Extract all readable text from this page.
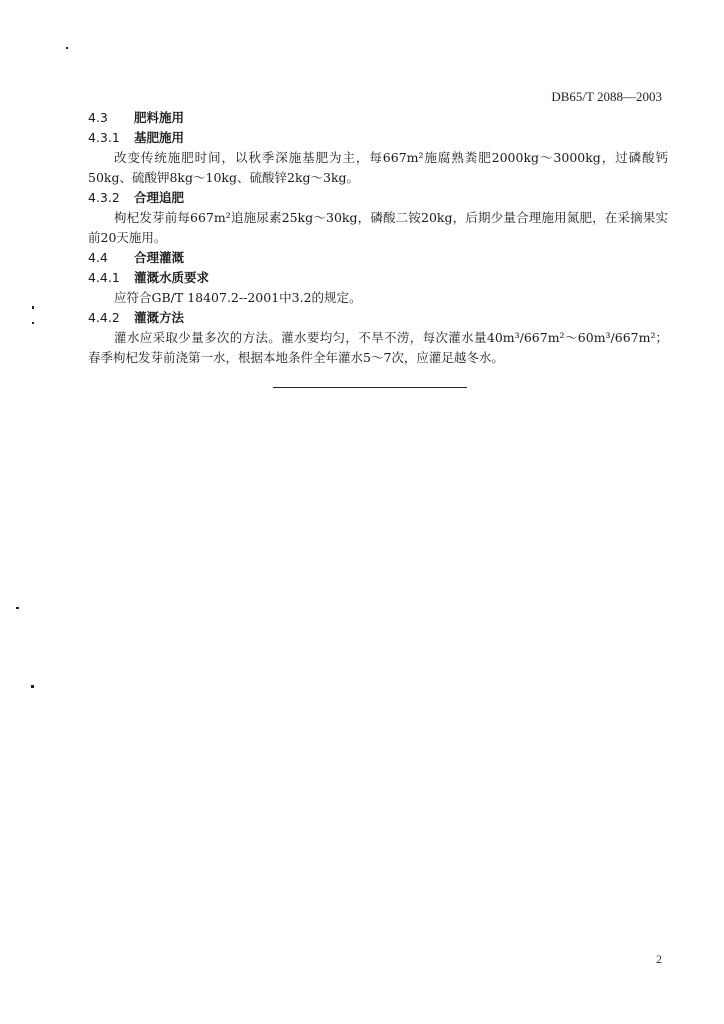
DB65/T 2088—2003
4.3 肥料施用
4.3.1 基肥施用
改变传统施肥时间，以秋季深施基肥为主，每667m²施腐熟粪肥2000kg～3000kg，过磷酸钙50kg、硫酸钾8kg～10kg、硫酸锌2kg～3kg。
4.3.2 合理追肥
枸杞发芽前每667m²追施尿素25kg～30kg，磷酸二铵20kg，后期少量合理施用氮肥，在采摘果实前20天施用。
4.4 合理灌溉
4.4.1 灌溉水质要求
应符合GB/T 18407.2--2001中3.2的规定。
4.4.2 灌溉方法
灌水应采取少量多次的方法。灌水要均匀，不旱不涝，每次灌水量40m³/667m²～60m³/667m²；春季枸杞发芽前浇第一水，根据本地条件全年灌水5～7次，应灌足越冬水。
2
